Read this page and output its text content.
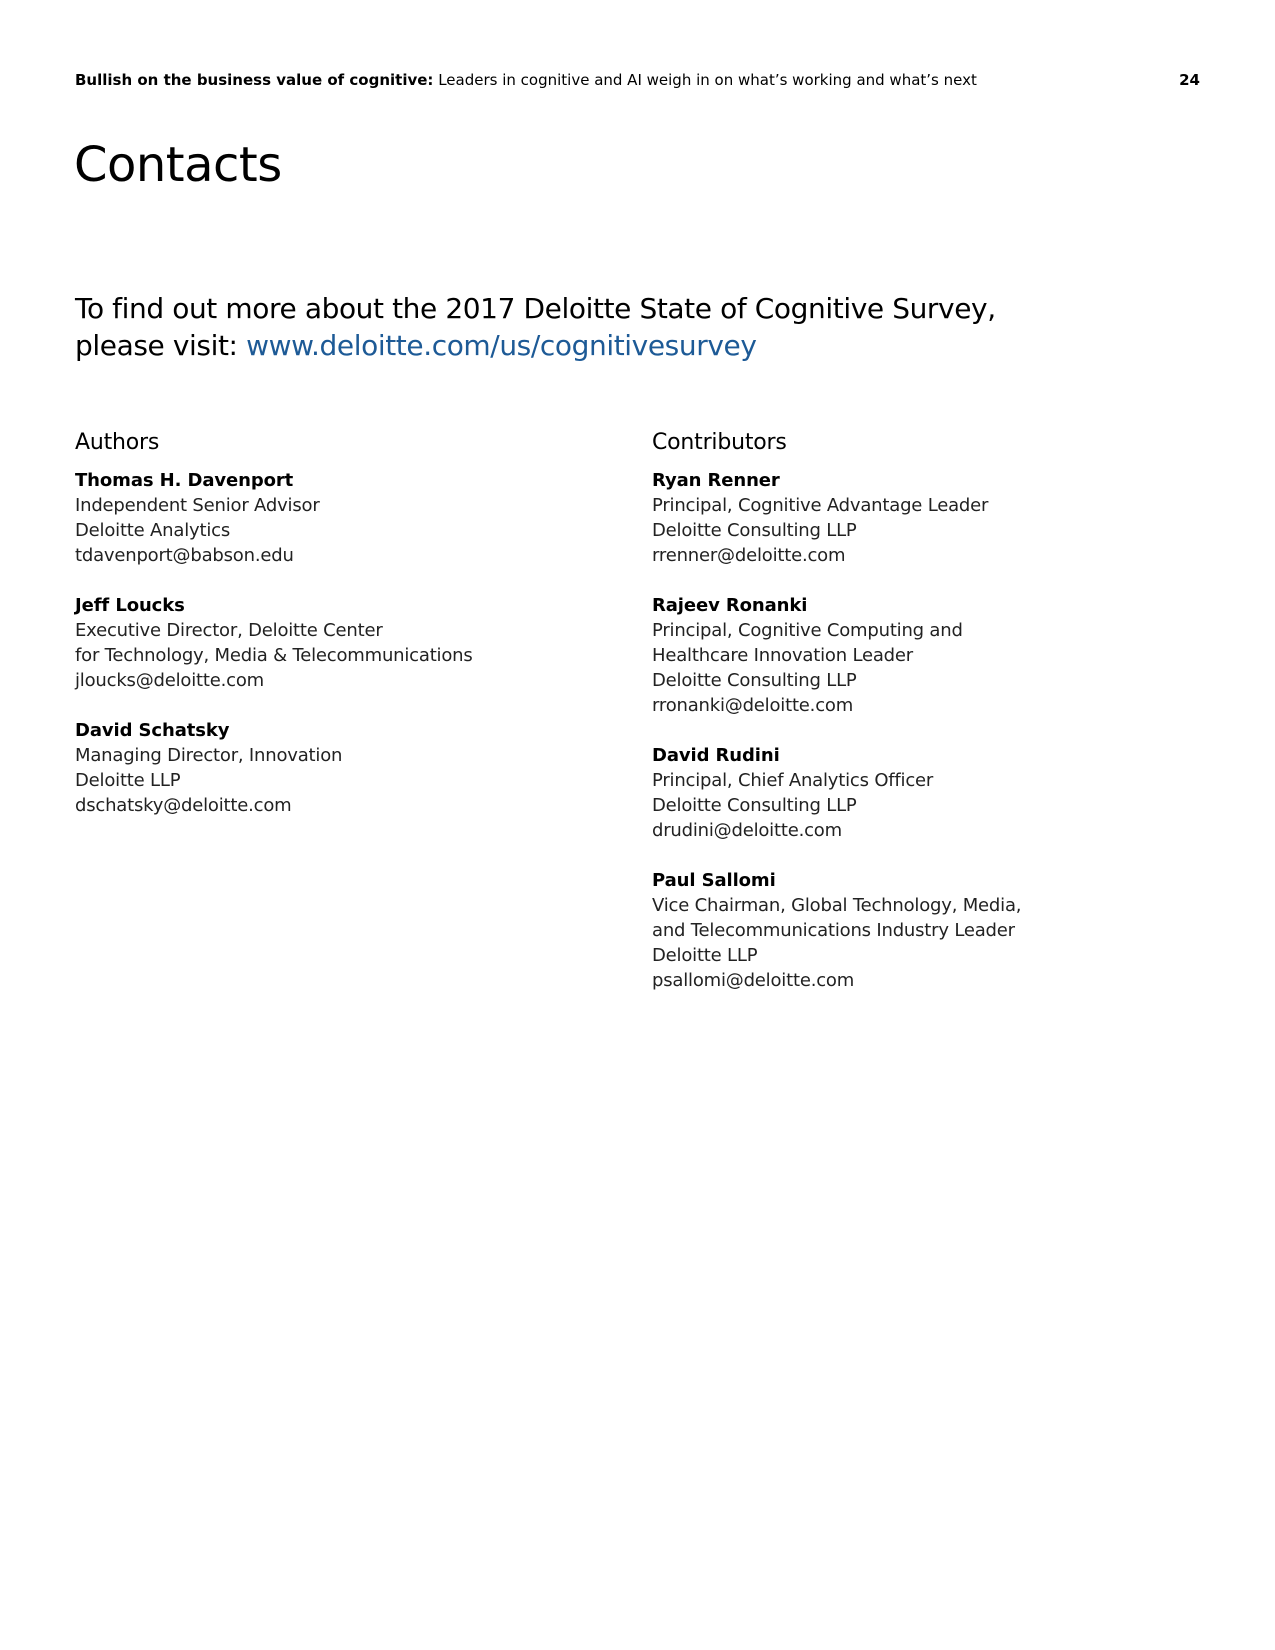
Bullish on the business value of cognitive: Leaders in cognitive and AI weigh in on what’s working and what’s next	24
Contacts
To find out more about the 2017 Deloitte State of Cognitive Survey,
please visit: www.deloitte.com/us/cognitivesurvey
Authors
Thomas H. Davenport
Independent Senior Advisor
Deloitte Analytics
tdavenport@babson.edu
Jeff Loucks
Executive Director, Deloitte Center
for Technology, Media & Telecommunications
jloucks@deloitte.com
David Schatsky
Managing Director, Innovation
Deloitte LLP
dschatsky@deloitte.com
Contributors
Ryan Renner
Principal, Cognitive Advantage Leader
Deloitte Consulting LLP
rrenner@deloitte.com
Rajeev Ronanki
Principal, Cognitive Computing and
Healthcare Innovation Leader
Deloitte Consulting LLP
rronanki@deloitte.com
David Rudini
Principal, Chief Analytics Officer
Deloitte Consulting LLP
drudini@deloitte.com
Paul Sallomi
Vice Chairman, Global Technology, Media,
and Telecommunications Industry Leader
Deloitte LLP
psallomi@deloitte.com
